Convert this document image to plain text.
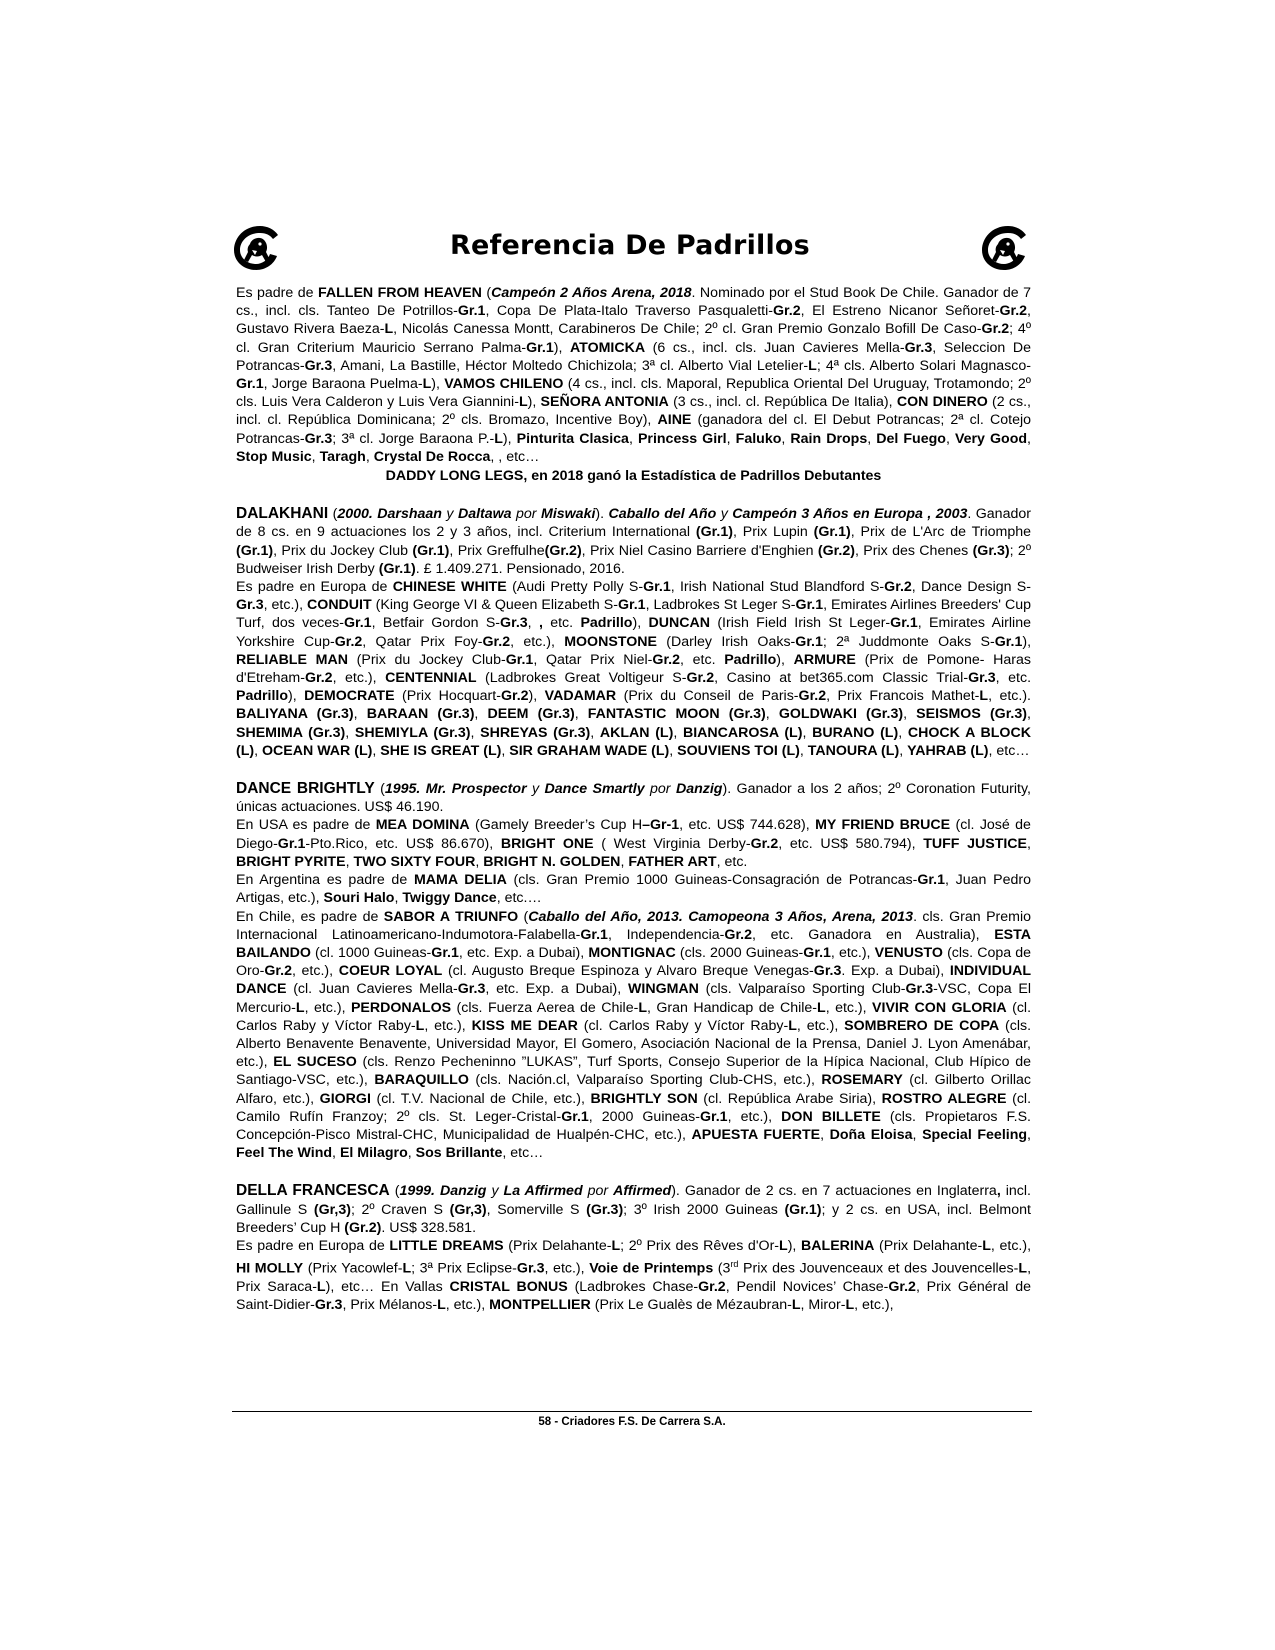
Referencia De Padrillos
Es padre de FALLEN FROM HEAVEN (Campeón 2 Años Arena, 2018. Nominado por el Stud Book De Chile. Ganador de 7 cs., incl. cls. Tanteo De Potrillos-Gr.1, Copa De Plata-Italo Traverso Pasqualetti-Gr.2, El Estreno Nicanor Señoret-Gr.2, Gustavo Rivera Baeza-L, Nicolás Canessa Montt, Carabineros De Chile; 2º cl. Gran Premio Gonzalo Bofill De Caso-Gr.2; 4º cl. Gran Criterium Mauricio Serrano Palma-Gr.1), ATOMICKA (6 cs., incl. cls. Juan Cavieres Mella-Gr.3, Seleccion De Potrancas-Gr.3, Amani, La Bastille, Héctor Moltedo Chichizola; 3ª cl. Alberto Vial Letelier-L; 4ª cls. Alberto Solari Magnasco-Gr.1, Jorge Baraona Puelma-L), VAMOS CHILENO (4 cs., incl. cls. Maporal, Republica Oriental Del Uruguay, Trotamondo; 2º cls. Luis Vera Calderon y Luis Vera Giannini-L), SEÑORA ANTONIA (3 cs., incl. cl. República De Italia), CON DINERO (2 cs., incl. cl. República Dominicana; 2º cls. Bromazo, Incentive Boy), AINE (ganadora del cl. El Debut Potrancas; 2ª cl. Cotejo Potrancas-Gr.3; 3ª cl. Jorge Baraona P.-L), Pinturita Clasica, Princess Girl, Faluko, Rain Drops, Del Fuego, Very Good, Stop Music, Taragh, Crystal De Rocca, , etc…
DADDY LONG LEGS, en 2018 ganó la Estadística de Padrillos Debutantes
DALAKHANI (2000. Darshaan y Daltawa por Miswaki). Caballo del Año y Campeón 3 Años en Europa , 2003. Ganador de 8 cs. en 9 actuaciones los 2 y 3 años, incl. Criterium International (Gr.1), Prix Lupin (Gr.1), Prix de L'Arc de Triomphe (Gr.1), Prix du Jockey Club (Gr.1), Prix Greffulhe(Gr.2), Prix Niel Casino Barriere d'Enghien (Gr.2), Prix des Chenes (Gr.3); 2º Budweiser Irish Derby (Gr.1). £ 1.409.271. Pensionado, 2016.
Es padre en Europa de CHINESE WHITE (Audi Pretty Polly S-Gr.1, Irish National Stud Blandford S-Gr.2, Dance Design S-Gr.3, etc.), CONDUIT (King George VI & Queen Elizabeth S-Gr.1, Ladbrokes St Leger S-Gr.1, Emirates Airlines Breeders' Cup Turf, dos veces-Gr.1, Betfair Gordon S-Gr.3, , etc. Padrillo), DUNCAN (Irish Field Irish St Leger-Gr.1, Emirates Airline Yorkshire Cup-Gr.2, Qatar Prix Foy-Gr.2, etc.), MOONSTONE (Darley Irish Oaks-Gr.1; 2ª Juddmonte Oaks S-Gr.1), RELIABLE MAN (Prix du Jockey Club-Gr.1, Qatar Prix Niel-Gr.2, etc. Padrillo), ARMURE (Prix de Pomone- Haras d'Etreham-Gr.2, etc.), CENTENNIAL (Ladbrokes Great Voltigeur S-Gr.2, Casino at bet365.com Classic Trial-Gr.3, etc. Padrillo), DEMOCRATE (Prix Hocquart-Gr.2), VADAMAR (Prix du Conseil de Paris-Gr.2, Prix Francois Mathet-L, etc.). BALIYANA (Gr.3), BARAAN (Gr.3), DEEM (Gr.3), FANTASTIC MOON (Gr.3), GOLDWAKI (Gr.3), SEISMOS (Gr.3), SHEMIMA (Gr.3), SHEMIYLA (Gr.3), SHREYAS (Gr.3), AKLAN (L), BIANCAROSA (L), BURANO (L), CHOCK A BLOCK (L), OCEAN WAR (L), SHE IS GREAT (L), SIR GRAHAM WADE (L), SOUVIENS TOI (L), TANOURA (L), YAHRAB (L), etc…
DANCE BRIGHTLY (1995. Mr. Prospector y Dance Smartly por Danzig). Ganador a los 2 años; 2º Coronation Futurity, únicas actuaciones. US$ 46.190.
En USA es padre de MEA DOMINA (Gamely Breeder’s Cup H–Gr-1, etc. US$ 744.628), MY FRIEND BRUCE (cl. José de Diego-Gr.1-Pto.Rico, etc. US$ 86.670), BRIGHT ONE ( West Virginia Derby-Gr.2, etc. US$ 580.794), TUFF JUSTICE, BRIGHT PYRITE, TWO SIXTY FOUR, BRIGHT N. GOLDEN, FATHER ART, etc.
En Argentina es padre de MAMA DELIA (cls. Gran Premio 1000 Guineas-Consagración de Potrancas-Gr.1, Juan Pedro Artigas, etc.), Souri Halo, Twiggy Dance, etc.…
En Chile, es padre de SABOR A TRIUNFO (Caballo del Año, 2013. Camopeona 3 Años, Arena, 2013. cls. Gran Premio Internacional Latinoamericano-Indumotora-Falabella-Gr.1, Independencia-Gr.2, etc. Ganadora en Australia), ESTA BAILANDO (cl. 1000 Guineas-Gr.1, etc. Exp. a Dubai), MONTIGNAC (cls. 2000 Guineas-Gr.1, etc.), VENUSTO (cls. Copa de Oro-Gr.2, etc.), COEUR LOYAL (cl. Augusto Breque Espinoza y Alvaro Breque Venegas-Gr.3. Exp. a Dubai), INDIVIDUAL DANCE (cl. Juan Cavieres Mella-Gr.3, etc. Exp. a Dubai), WINGMAN (cls. Valparaíso Sporting Club-Gr.3-VSC, Copa El Mercurio-L, etc.), PERDONALOS (cls. Fuerza Aerea de Chile-L, Gran Handicap de Chile-L, etc.), VIVIR CON GLORIA (cl. Carlos Raby y Víctor Raby-L, etc.), KISS ME DEAR (cl. Carlos Raby y Víctor Raby-L, etc.), SOMBRERO DE COPA (cls. Alberto Benavente Benavente, Universidad Mayor, El Gomero, Asociación Nacional de la Prensa, Daniel J. Lyon Amenábar, etc.), EL SUCESO (cls. Renzo Pecheninno ”LUKAS”, Turf Sports, Consejo Superior de la Hípica Nacional, Club Hípico de Santiago-VSC, etc.), BARAQUILLO (cls. Nación.cl, Valparaíso Sporting Club-CHS, etc.), ROSEMARY (cl. Gilberto Orillac Alfaro, etc.), GIORGI (cl. T.V. Nacional de Chile, etc.), BRIGHTLY SON (cl. República Arabe Siria), ROSTRO ALEGRE (cl. Camilo Rufín Franzoy; 2º cls. St. Leger-Cristal-Gr.1, 2000 Guineas-Gr.1, etc.), DON BILLETE (cls. Propietaros F.S. Concepción-Pisco Mistral-CHC, Municipalidad de Hualpén-CHC, etc.), APUESTA FUERTE, Doña Eloisa, Special Feeling, Feel The Wind, El Milagro, Sos Brillante, etc…
DELLA FRANCESCA (1999. Danzig y La Affirmed por Affirmed). Ganador de 2 cs. en 7 actuaciones en Inglaterra, incl. Gallinule S (Gr,3); 2º Craven S (Gr,3), Somerville S (Gr.3); 3º Irish 2000 Guineas (Gr.1); y 2 cs. en USA, incl. Belmont Breeders’ Cup H (Gr.2). US$ 328.581.
Es padre en Europa de LITTLE DREAMS (Prix Delahante-L; 2º Prix des Rêves d'Or-L), BALERINA (Prix Delahante-L, etc.), HI MOLLY (Prix Yacowlef-L; 3ª Prix Eclipse-Gr.3, etc.), Voie de Printemps (3rd Prix des Jouvenceaux et des Jouvencelles-L, Prix Saraca-L), etc… En Vallas CRISTAL BONUS (Ladbrokes Chase-Gr.2, Pendil Novices’ Chase-Gr.2, Prix Général de Saint-Didier-Gr.3, Prix Mélanos-L, etc.), MONTPELLIER (Prix Le Gualès de Mézaubran-L, Miror-L, etc.),
58 - Criadores F.S. De Carrera S.A.
